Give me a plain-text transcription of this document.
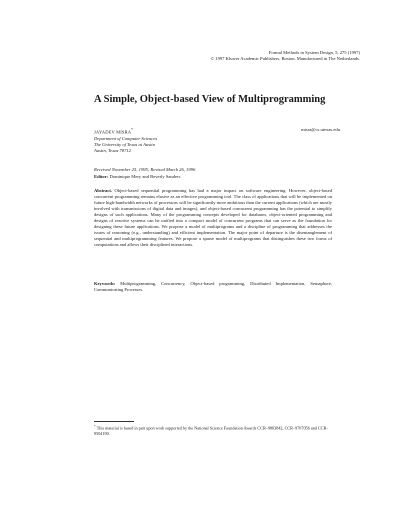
Formal Methods in System Design, 5, 275 (1997)
© 1997 Kluwer Academic Publishers, Boston. Manufactured in The Netherlands.
A Simple, Object-based View of Multiprogramming
JAYADEV MISRA*
Department of Computer Sciences
The University of Texas at Austin
Austin, Texas 78712
misra@cs.utexas.edu
Received November 25, 1995; Revised March 26, 1996
Editor: Dominique Mery and Beverly Sanders
Abstract. Object-based sequential programming has had a major impact on software engineering. However, object-based concurrent programming remains elusive as an effective programming tool. The class of applications that will be implemented on future high-bandwidth networks of processors will be significantly more ambitious than the current applications (which are mostly involved with transmissions of digital data and images), and object-based concurrent programming has the potential to simplify designs of such applications. Many of the programming concepts developed for databases, object-oriented programming and designs of reactive systems can be unified into a compact model of concurrent programs that can serve as the foundation for designing these future applications. We propose a model of multiprograms and a discipline of programming that addresses the issues of reasoning (e.g., understanding) and efficient implementation. The major point of departure is the disentanglement of sequential and multiprogramming features. We propose a sparse model of multiprograms that distinguishes these two forms of computations and allows their disciplined interactions.
Keywords: Multiprogramming, Concurrency, Object-based programming, Distributed Implementation, Semaphore, Communicating Processes.
* This material is based in part upon work supported by the National Science Foundation Awards CCR–9803842, CCR–9707056 and CCR-9504190.
